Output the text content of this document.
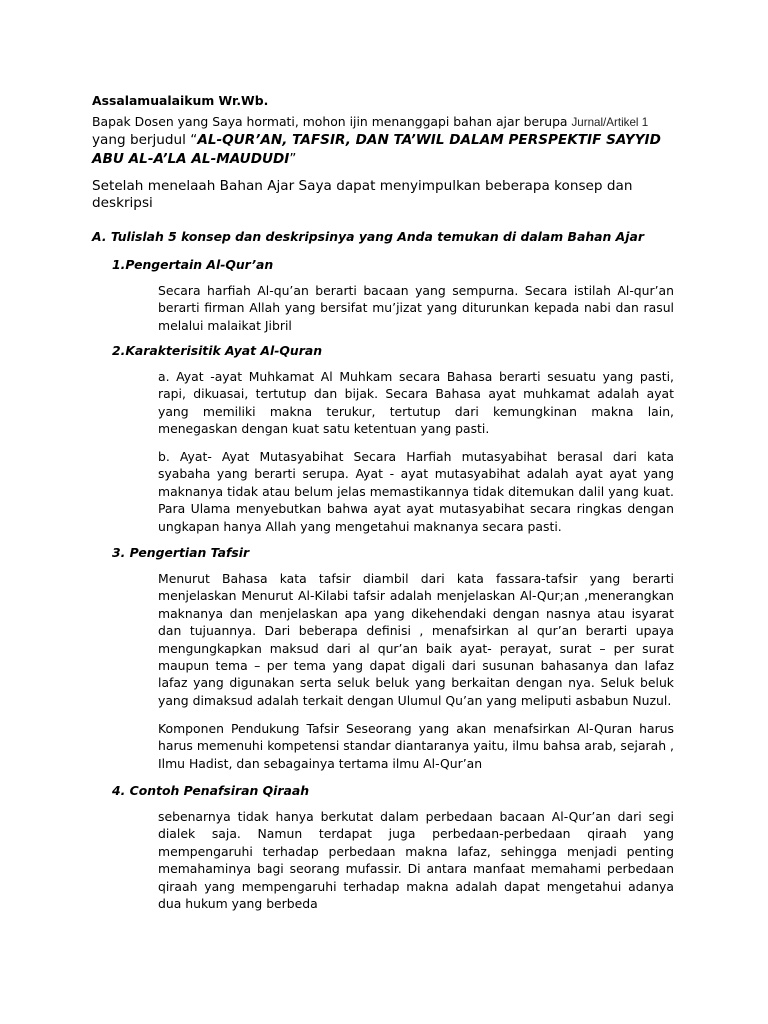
Assalamualaikum Wr.Wb.

Bapak Dosen yang Saya hormati, mohon ijin menanggapi bahan ajar berupa Jurnal/Artikel 1
yang berjudul “AL-QUR’AN, TAFSIR, DAN TA’WIL DALAM PERSPEKTIF SAYYID ABU AL-A’LA AL-MAUDUDI”

Setelah menelaah Bahan Ajar Saya dapat menyimpulkan beberapa konsep dan deskripsi

A. Tulislah 5 konsep dan deskripsinya yang Anda temukan di dalam Bahan Ajar

1.Pengertain Al-Qur’an

Secara harfiah Al-qu’an berarti bacaan yang sempurna. Secara istilah Al-qur’an berarti firman Allah yang bersifat mu’jizat yang diturunkan kepada nabi dan rasul melalui malaikat Jibril

2.Karakterisitik Ayat Al-Quran

a. Ayat -ayat Muhkamat Al Muhkam secara Bahasa berarti sesuatu yang pasti, rapi, dikuasai, tertutup dan bijak. Secara Bahasa ayat muhkamat adalah ayat yang memiliki makna terukur, tertutup dari kemungkinan makna lain, menegaskan dengan kuat satu ketentuan yang pasti.

b. Ayat- Ayat Mutasyabihat Secara Harfiah mutasyabihat berasal dari kata syabaha yang berarti serupa. Ayat - ayat mutasyabihat adalah ayat ayat yang maknanya tidak atau belum jelas memastikannya tidak ditemukan dalil yang kuat. Para Ulama menyebutkan bahwa ayat ayat mutasyabihat secara ringkas dengan ungkapan hanya Allah yang mengetahui maknanya secara pasti.

3. Pengertian Tafsir

Menurut Bahasa kata tafsir diambil dari kata fassara-tafsir yang berarti menjelaskan Menurut Al-Kilabi tafsir adalah menjelaskan Al-Qur;an ,menerangkan maknanya dan menjelaskan apa yang dikehendaki dengan nasnya atau isyarat dan tujuannya. Dari beberapa definisi , menafsirkan al qur’an berarti upaya mengungkapkan maksud dari al qur’an baik ayat- perayat, surat – per surat maupun tema – per tema yang dapat digali dari susunan bahasanya dan lafaz lafaz yang digunakan serta seluk beluk yang berkaitan dengan nya. Seluk beluk yang dimaksud adalah terkait dengan Ulumul Qu’an yang meliputi asbabun Nuzul.

Komponen Pendukung Tafsir Seseorang yang akan menafsirkan Al-Quran harus harus memenuhi kompetensi standar diantaranya yaitu, ilmu bahsa arab, sejarah , Ilmu Hadist, dan sebagainya tertama ilmu Al-Qur’an

4. Contoh Penafsiran Qiraah

sebenarnya tidak hanya berkutat dalam perbedaan bacaan Al-Qur’an dari segi dialek saja. Namun terdapat juga perbedaan-perbedaan qiraah yang mempengaruhi terhadap perbedaan makna lafaz, sehingga menjadi penting memahaminya bagi seorang mufassir. Di antara manfaat memahami perbedaan qiraah yang mempengaruhi terhadap makna adalah dapat mengetahui adanya dua hukum yang berbeda
